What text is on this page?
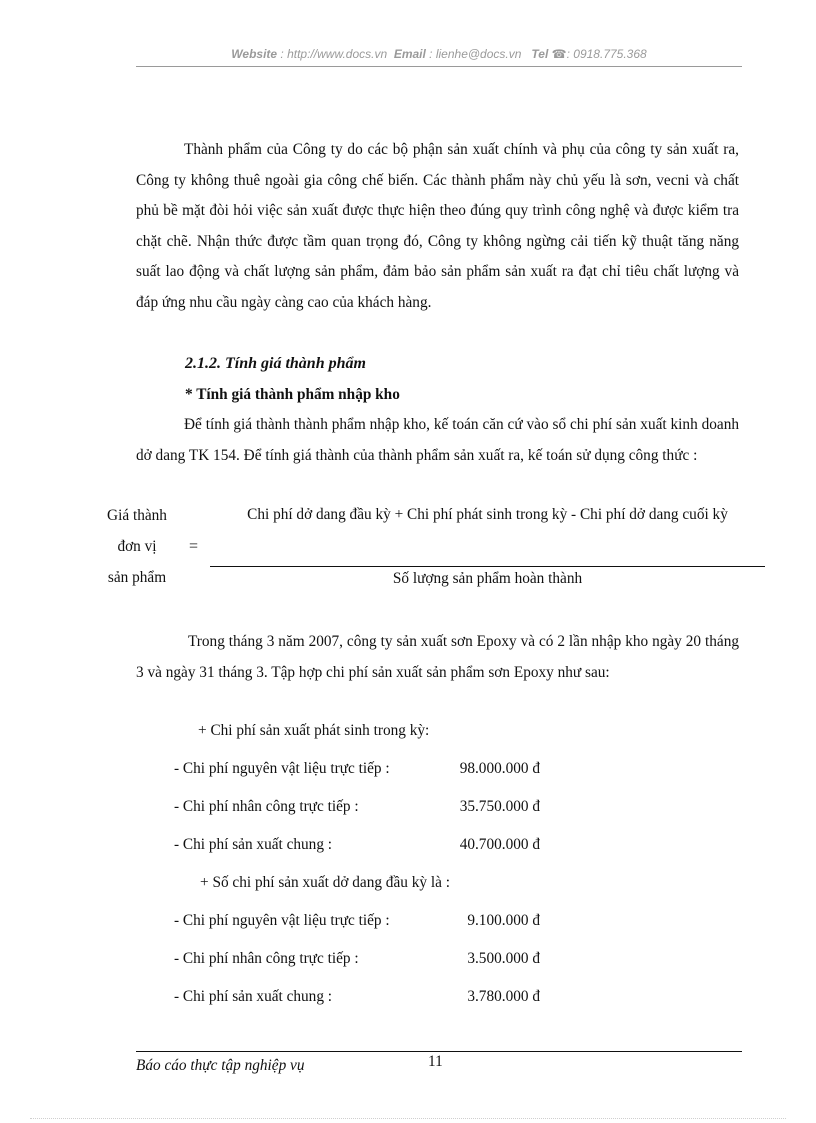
Website : http://www.docs.vn Email : lienhe@docs.vn Tel ☎: 0918.775.368

Thành phẩm của Công ty do các bộ phận sản xuất chính và phụ của công ty sản xuất ra, Công ty không thuê ngoài gia công chế biến. Các thành phẩm này chủ yếu là sơn, vecni và chất phủ bề mặt đòi hỏi việc sản xuất được thực hiện theo đúng quy trình công nghệ và được kiểm tra chặt chẽ. Nhận thức được tầm quan trọng đó, Công ty không ngừng cải tiến kỹ thuật tăng năng suất lao động và chất lượng sản phẩm, đảm bảo sản phẩm sản xuất ra đạt chỉ tiêu chất lượng và đáp ứng nhu cầu ngày càng cao của khách hàng.

2.1.2. Tính giá thành phẩm
* Tính giá thành phẩm nhập kho

Để tính giá thành thành phẩm nhập kho, kế toán căn cứ vào sổ chi phí sản xuất kinh doanh dở dang TK 154. Để tính giá thành của thành phẩm sản xuất ra, kế toán sử dụng công thức :

Giá thành
đơn vị
sản phẩm
=
Chi phí dở dang đầu kỳ + Chi phí phát sinh trong kỳ - Chi phí dở dang cuối kỳ
Số lượng sản phẩm hoàn thành

Trong tháng 3 năm 2007, công ty sản xuất sơn Epoxy và có 2 lần nhập kho ngày 20 tháng 3 và ngày 31 tháng 3. Tập hợp chi phí sản xuất sản phẩm sơn Epoxy như sau:

+ Chi phí sản xuất phát sinh trong kỳ:
- Chi phí nguyên vật liệu trực tiếp :	98.000.000 đ
- Chi phí nhân công trực tiếp :	35.750.000 đ
- Chi phí sản xuất chung :	40.700.000 đ
+ Số chi phí sản xuất dở dang đầu kỳ là :
- Chi phí nguyên vật liệu trực tiếp :	9.100.000 đ
- Chi phí nhân công trực tiếp :	3.500.000 đ
- Chi phí sản xuất chung :	3.780.000 đ
Báo cáo thực tập nghiệp vụ	11
